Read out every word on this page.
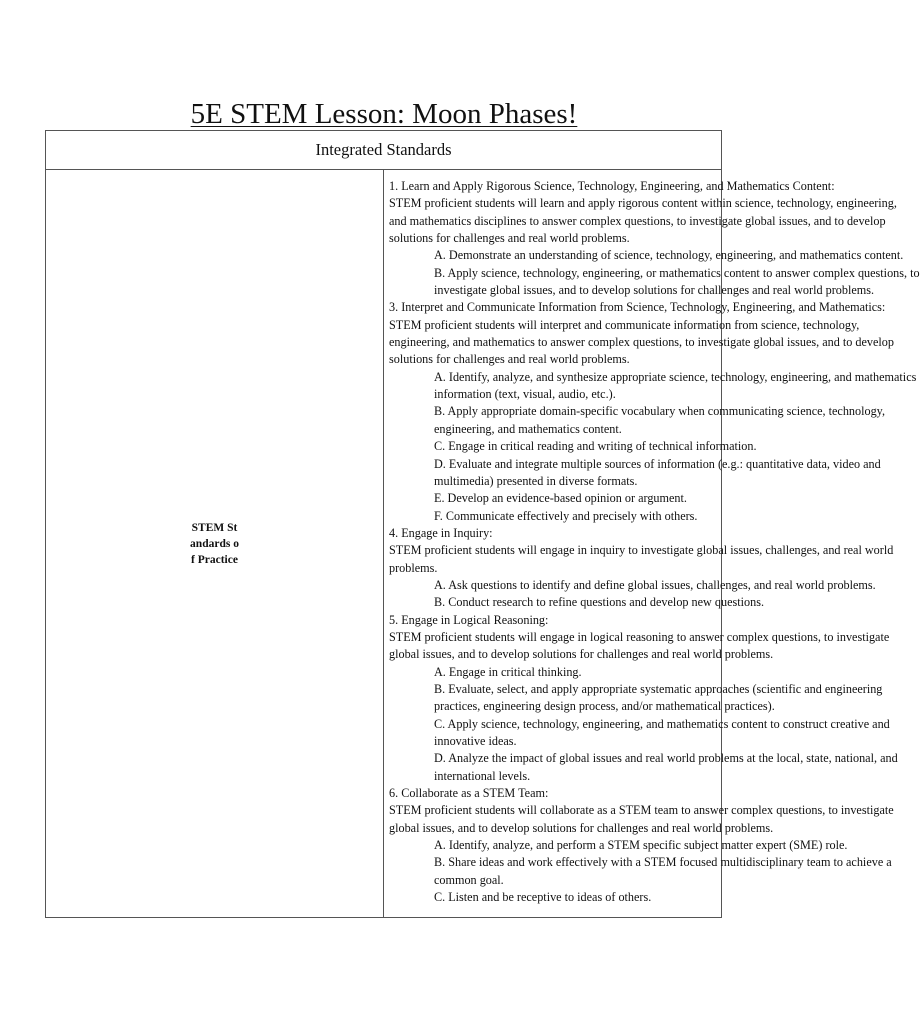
5E STEM Lesson: Moon Phases!
Integrated Standards

STEM Standards of Practice

1. Learn and Apply Rigorous Science, Technology, Engineering, and Mathematics Content:
STEM proficient students will learn and apply rigorous content within science, technology, engineering,
and mathematics disciplines to answer complex questions, to investigate global issues, and to develop
solutions for challenges and real world problems.
A. Demonstrate an understanding of science, technology, engineering, and mathematics content.
B. Apply science, technology, engineering, or mathematics content to answer complex questions, to
investigate global issues, and to develop solutions for challenges and real world problems.
3. Interpret and Communicate Information from Science, Technology, Engineering, and Mathematics:
STEM proficient students will interpret and communicate information from science, technology,
engineering, and mathematics to answer complex questions, to investigate global issues, and to develop
solutions for challenges and real world problems.
A. Identify, analyze, and synthesize appropriate science, technology, engineering, and mathematics
information (text, visual, audio, etc.).
B. Apply appropriate domain-specific vocabulary when communicating science, technology,
engineering, and mathematics content.
C. Engage in critical reading and writing of technical information.
D. Evaluate and integrate multiple sources of information (e.g.: quantitative data, video and
multimedia) presented in diverse formats.
E. Develop an evidence-based opinion or argument.
F. Communicate effectively and precisely with others.
4. Engage in Inquiry:
STEM proficient students will engage in inquiry to investigate global issues, challenges, and real world
problems.
A. Ask questions to identify and define global issues, challenges, and real world problems.
B. Conduct research to refine questions and develop new questions.
5. Engage in Logical Reasoning:
STEM proficient students will engage in logical reasoning to answer complex questions, to investigate
global issues, and to develop solutions for challenges and real world problems.
A. Engage in critical thinking.
B. Evaluate, select, and apply appropriate systematic approaches (scientific and engineering
practices, engineering design process, and/or mathematical practices).
C. Apply science, technology, engineering, and mathematics content to construct creative and
innovative ideas.
D. Analyze the impact of global issues and real world problems at the local, state, national, and
international levels.
6. Collaborate as a STEM Team:
STEM proficient students will collaborate as a STEM team to answer complex questions, to investigate
global issues, and to develop solutions for challenges and real world problems.
A. Identify, analyze, and perform a STEM specific subject matter expert (SME) role.
B. Share ideas and work effectively with a STEM focused multidisciplinary team to achieve a
common goal.
C. Listen and be receptive to ideas of others.
